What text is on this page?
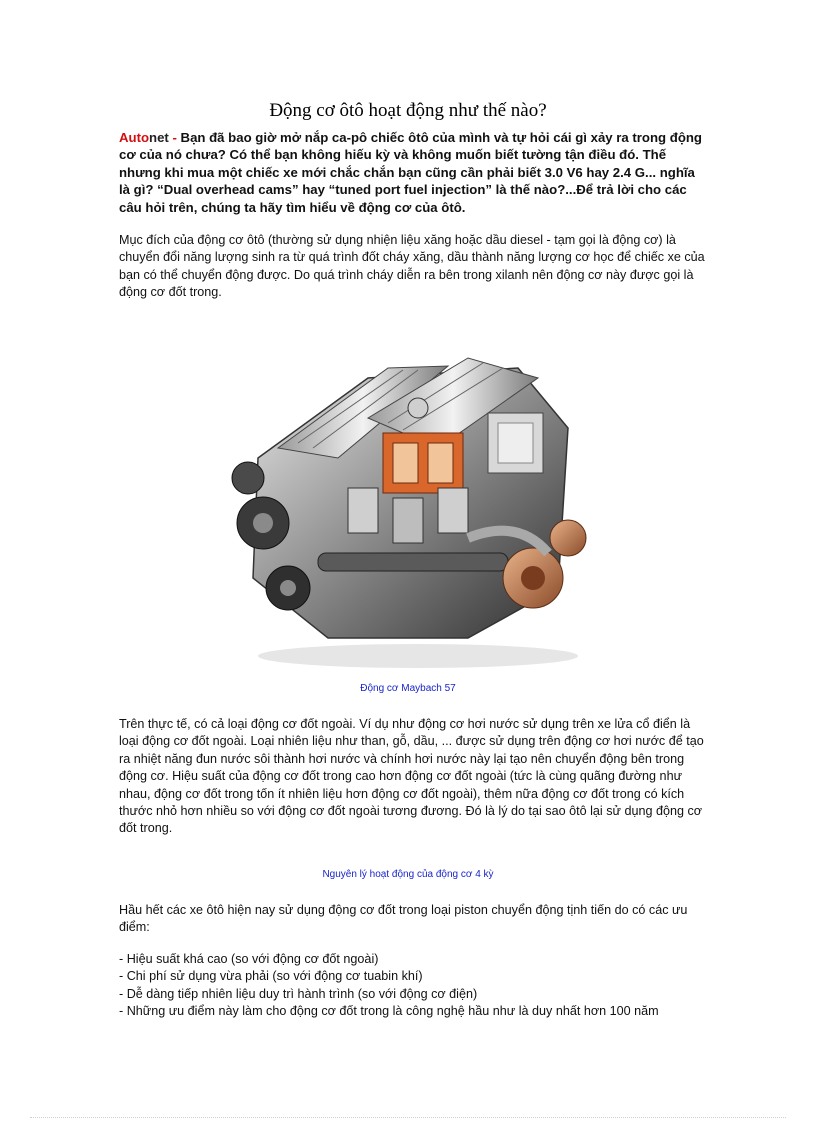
Động cơ ôtô hoạt động như thế nào?
Autonet - Bạn đã bao giờ mở nắp ca-pô chiếc ôtô của mình và tự hỏi cái gì xảy ra trong động cơ của nó chưa? Có thể bạn không hiếu kỳ và không muốn biết tường tận điều đó. Thế nhưng khi mua một chiếc xe mới chắc chắn bạn cũng cần phải biết 3.0 V6 hay 2.4 G... nghĩa là gì? “Dual overhead cams” hay “tuned port fuel injection” là thế nào?...Để trả lời cho các câu hỏi trên, chúng ta hãy tìm hiểu về động cơ của ôtô.
Mục đích của động cơ ôtô (thường sử dụng nhiện liệu xăng hoặc dầu diesel - tạm gọi là động cơ) là chuyển đổi năng lượng sinh ra từ quá trình đốt cháy xăng, dầu thành năng lượng cơ học để chiếc xe của bạn có thể chuyển động được. Do quá trình cháy diễn ra bên trong xilanh nên động cơ này được gọi là động cơ đốt trong.
Động cơ Maybach 57
Trên thực tế, có cả loại động cơ đốt ngoài. Ví dụ như động cơ hơi nước sử dụng trên xe lửa cổ điển là loại động cơ đốt ngoài. Loại nhiên liệu như than, gỗ, dầu, ... được sử dụng trên động cơ hơi nước để tạo ra nhiệt năng đun nước sôi thành hơi nước và chính hơi nước này lại tạo nên chuyển động bên trong động cơ. Hiệu suất của động cơ đốt trong cao hơn động cơ đốt ngoài (tức là cùng quãng đường như nhau, động cơ đốt trong tốn ít nhiên liệu hơn động cơ đốt ngoài), thêm nữa động cơ đốt trong có kích thước nhỏ hơn nhiều so với động cơ đốt ngoài tương đương. Đó là lý do tại sao ôtô lại sử dụng động cơ đốt trong.
Nguyên lý hoạt động của động cơ 4 kỳ
Hầu hết các xe ôtô hiện nay sử dụng động cơ đốt trong loại piston chuyển động tịnh tiến do có các ưu điểm:
- Hiệu suất khá cao (so với động cơ đốt ngoài)
- Chi phí sử dụng vừa phải (so với động cơ tuabin khí)
- Dễ dàng tiếp nhiên liệu duy trì hành trình (so với động cơ điện)
- Những ưu điểm này làm cho động cơ đốt trong là công nghệ hầu như là duy nhất hơn 100 năm
